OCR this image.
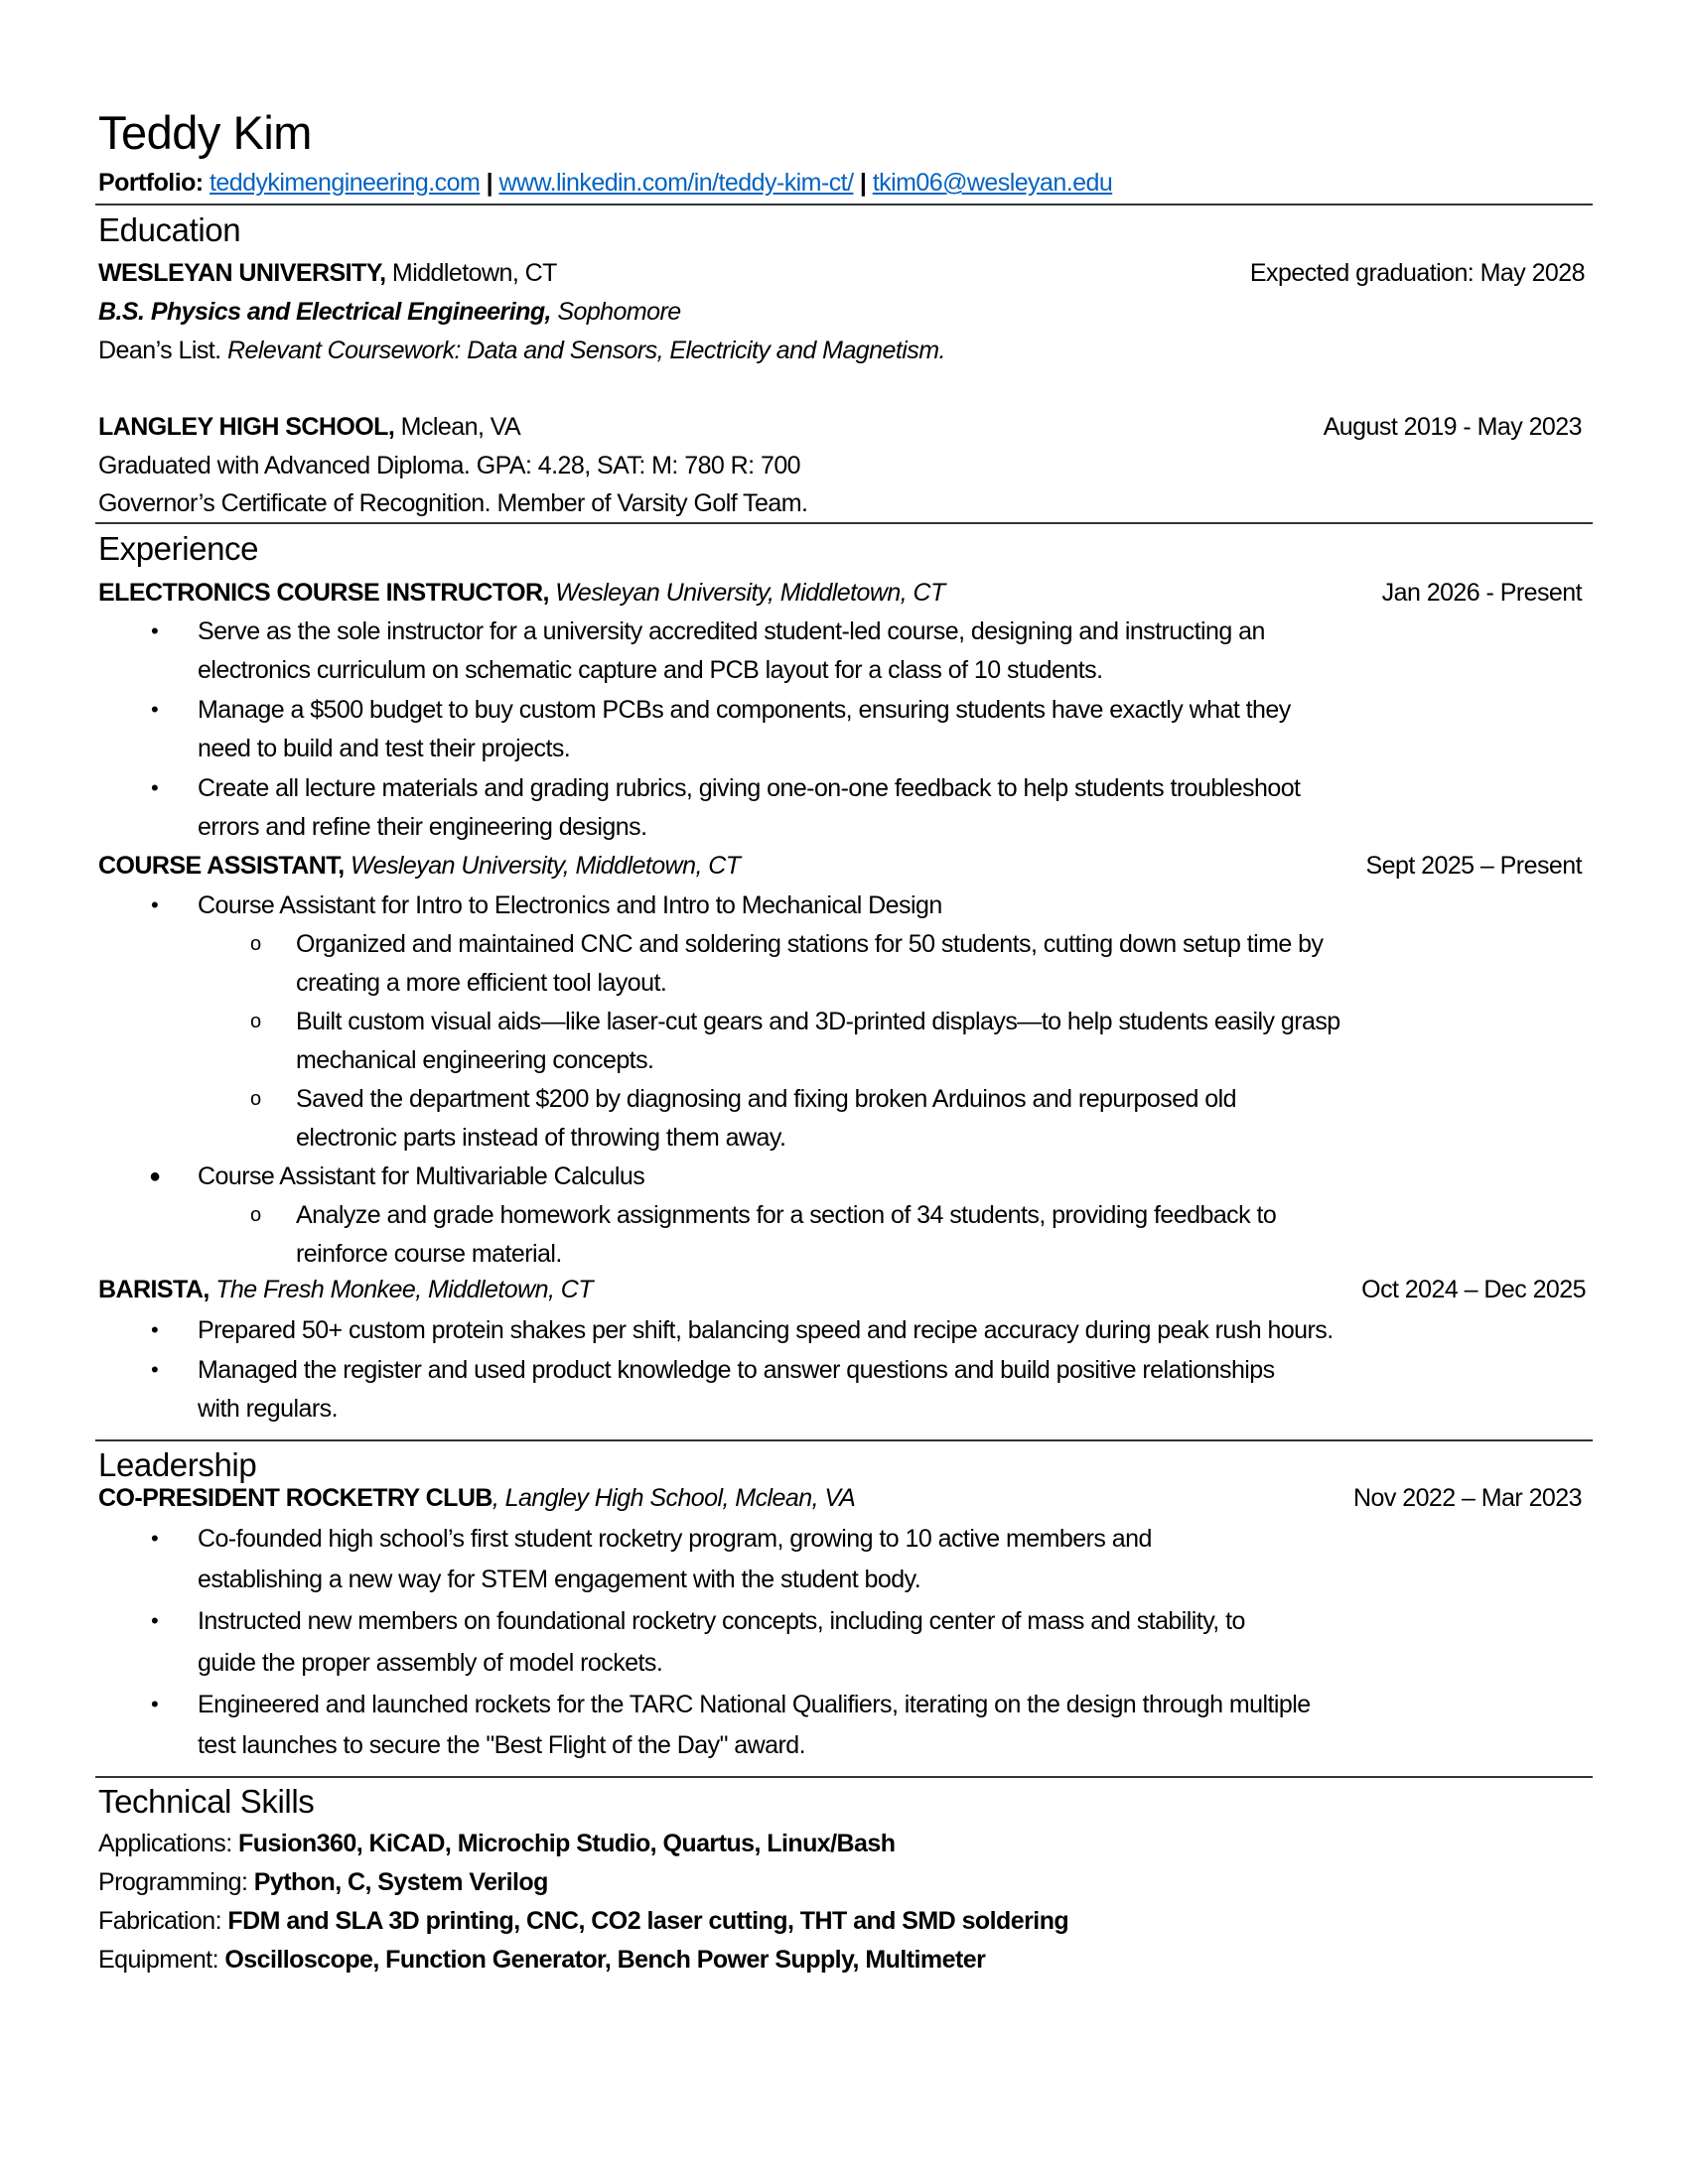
Teddy Kim
Portfolio: teddykimengineering.com | www.linkedin.com/in/teddy-kim-ct/ | tkim06@wesleyan.edu
Education
WESLEYAN UNIVERSITY, Middletown, CT	Expected graduation: May 2028
B.S. Physics and Electrical Engineering, Sophomore
Dean’s List. Relevant Coursework: Data and Sensors, Electricity and Magnetism.
LANGLEY HIGH SCHOOL, Mclean, VA	August 2019 - May 2023
Graduated with Advanced Diploma. GPA: 4.28, SAT: M: 780 R: 700
Governor’s Certificate of Recognition. Member of Varsity Golf Team.
Experience
ELECTRONICS COURSE INSTRUCTOR, Wesleyan University, Middletown, CT	Jan 2026 - Present
• Serve as the sole instructor for a university accredited student-led course, designing and instructing an
electronics curriculum on schematic capture and PCB layout for a class of 10 students.
• Manage a $500 budget to buy custom PCBs and components, ensuring students have exactly what they
need to build and test their projects.
• Create all lecture materials and grading rubrics, giving one-on-one feedback to help students troubleshoot
errors and refine their engineering designs.
COURSE ASSISTANT, Wesleyan University, Middletown, CT	Sept 2025 – Present
• Course Assistant for Intro to Electronics and Intro to Mechanical Design
o Organized and maintained CNC and soldering stations for 50 students, cutting down setup time by
creating a more efficient tool layout.
o Built custom visual aids—like laser-cut gears and 3D-printed displays—to help students easily grasp
mechanical engineering concepts.
o Saved the department $200 by diagnosing and fixing broken Arduinos and repurposed old
electronic parts instead of throwing them away.
● Course Assistant for Multivariable Calculus
o Analyze and grade homework assignments for a section of 34 students, providing feedback to
reinforce course material.
BARISTA, The Fresh Monkee, Middletown, CT	Oct 2024 – Dec 2025
• Prepared 50+ custom protein shakes per shift, balancing speed and recipe accuracy during peak rush hours.
• Managed the register and used product knowledge to answer questions and build positive relationships
with regulars.
Leadership
CO-PRESIDENT ROCKETRY CLUB, Langley High School, Mclean, VA	Nov 2022 – Mar 2023
• Co-founded high school’s first student rocketry program, growing to 10 active members and
establishing a new way for STEM engagement with the student body.
• Instructed new members on foundational rocketry concepts, including center of mass and stability, to
guide the proper assembly of model rockets.
• Engineered and launched rockets for the TARC National Qualifiers, iterating on the design through multiple
test launches to secure the "Best Flight of the Day" award.
Technical Skills
Applications: Fusion360, KiCAD, Microchip Studio, Quartus, Linux/Bash
Programming: Python, C, System Verilog
Fabrication: FDM and SLA 3D printing, CNC, CO2 laser cutting, THT and SMD soldering
Equipment: Oscilloscope, Function Generator, Bench Power Supply, Multimeter
